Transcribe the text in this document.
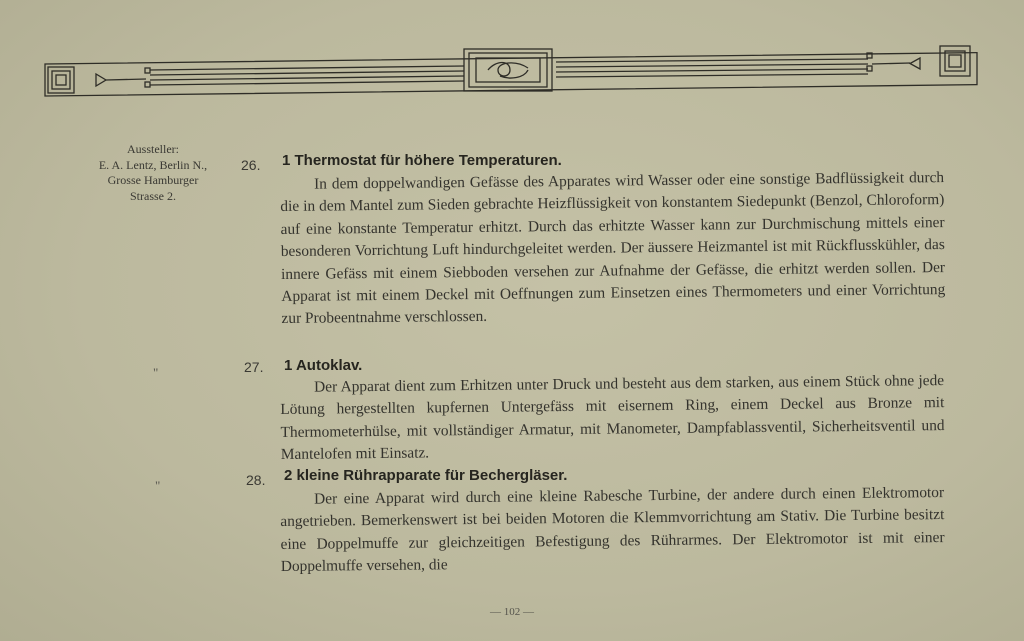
Aussteller:
E. A. Lentz, Berlin N.,
Grosse Hamburger
Strasse 2.
"
"
26. 1 Thermostat für höhere Temperaturen.
In dem doppelwandigen Gefässe des Apparates wird Wasser oder eine sonstige Badflüssigkeit durch die in dem Mantel zum Sieden gebrachte Heizflüssigkeit von konstantem Siedepunkt (Benzol, Chloroform) auf eine konstante Temperatur erhitzt. Durch das erhitzte Wasser kann zur Durchmischung mittels einer besonderen Vorrichtung Luft hindurchgeleitet werden. Der äussere Heizmantel ist mit Rückflusskühler, das innere Gefäss mit einem Siebboden versehen zur Aufnahme der Gefässe, die erhitzt werden sollen. Der Apparat ist mit einem Deckel mit Oeffnungen zum Einsetzen eines Thermometers und einer Vorrichtung zur Probeentnahme verschlossen.
27. 1 Autoklav.
Der Apparat dient zum Erhitzen unter Druck und besteht aus dem starken, aus einem Stück ohne jede Lötung hergestellten kupfernen Untergefäss mit eisernem Ring, einem Deckel aus Bronze mit Thermometerhülse, mit vollständiger Armatur, mit Manometer, Dampfablassventil, Sicherheitsventil und Mantelofen mit Einsatz.
28. 2 kleine Rührapparate für Bechergläser.
Der eine Apparat wird durch eine kleine Rabesche Turbine, der andere durch einen Elektromotor angetrieben. Bemerkenswert ist bei beiden Motoren die Klemmvorrichtung am Stativ. Die Turbine besitzt eine Doppelmuffe zur gleichzeitigen Befestigung des Rührarmes. Der Elektromotor ist mit einer Doppelmuffe versehen, die
— 102 —
